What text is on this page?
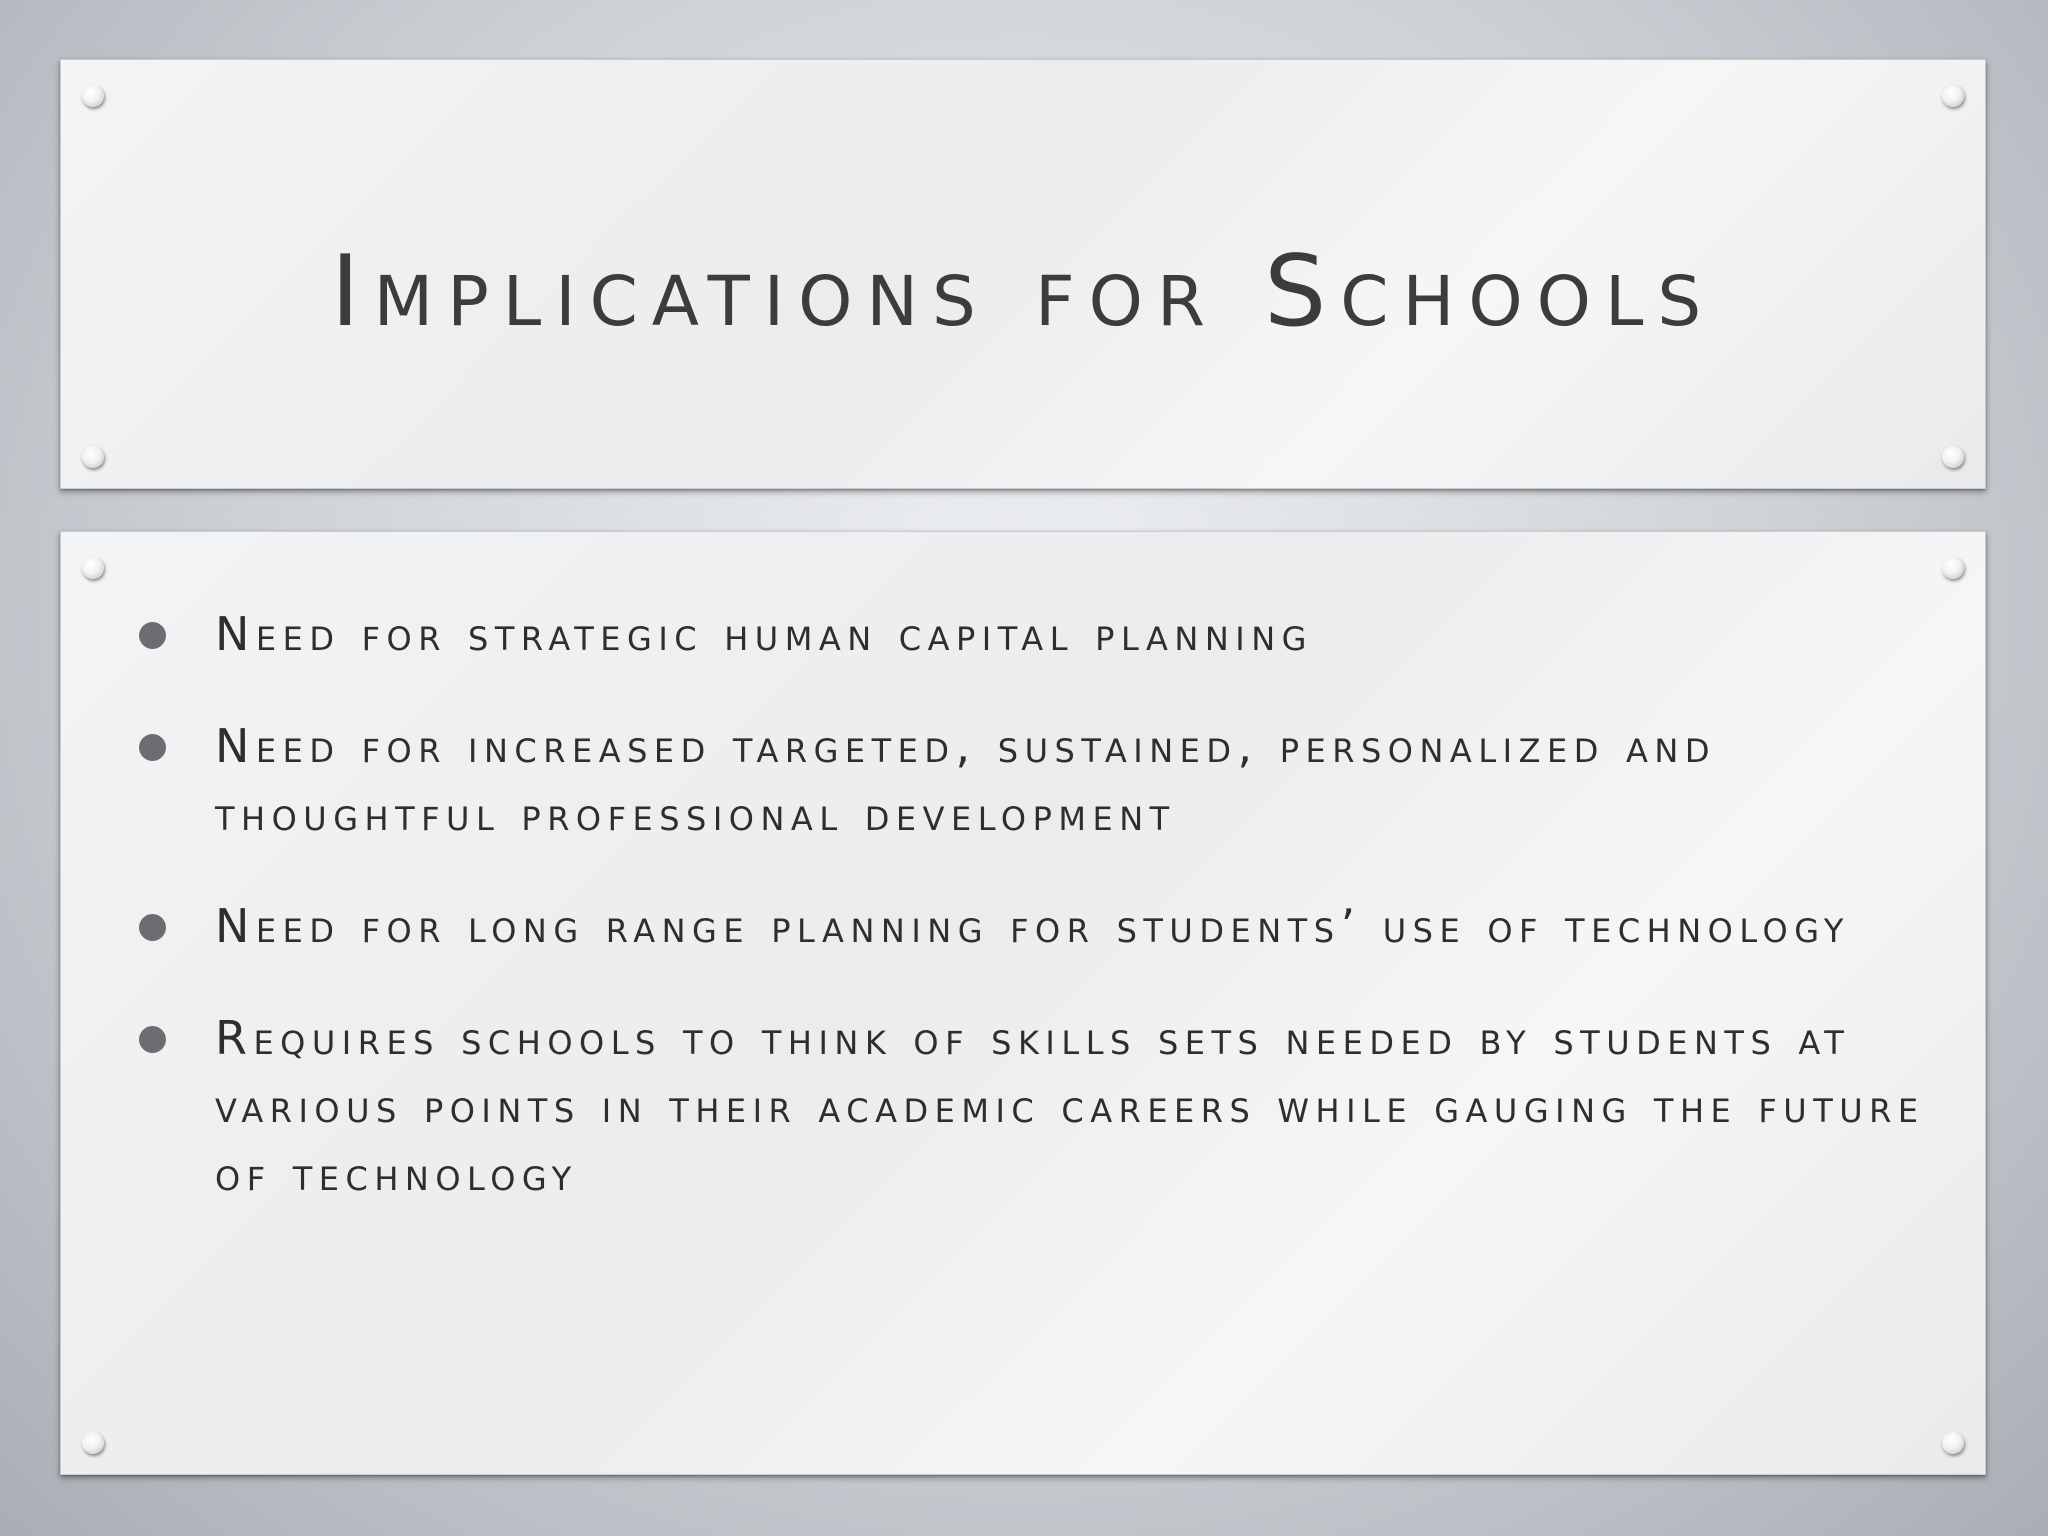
Implications for Schools
Need for strategic human capital planning
Need for increased targeted, sustained, personalized and thoughtful professional development
Need for long range planning for students’ use of technology
Requires schools to think of skills sets needed by students at various points in their academic careers while gauging the future of technology
